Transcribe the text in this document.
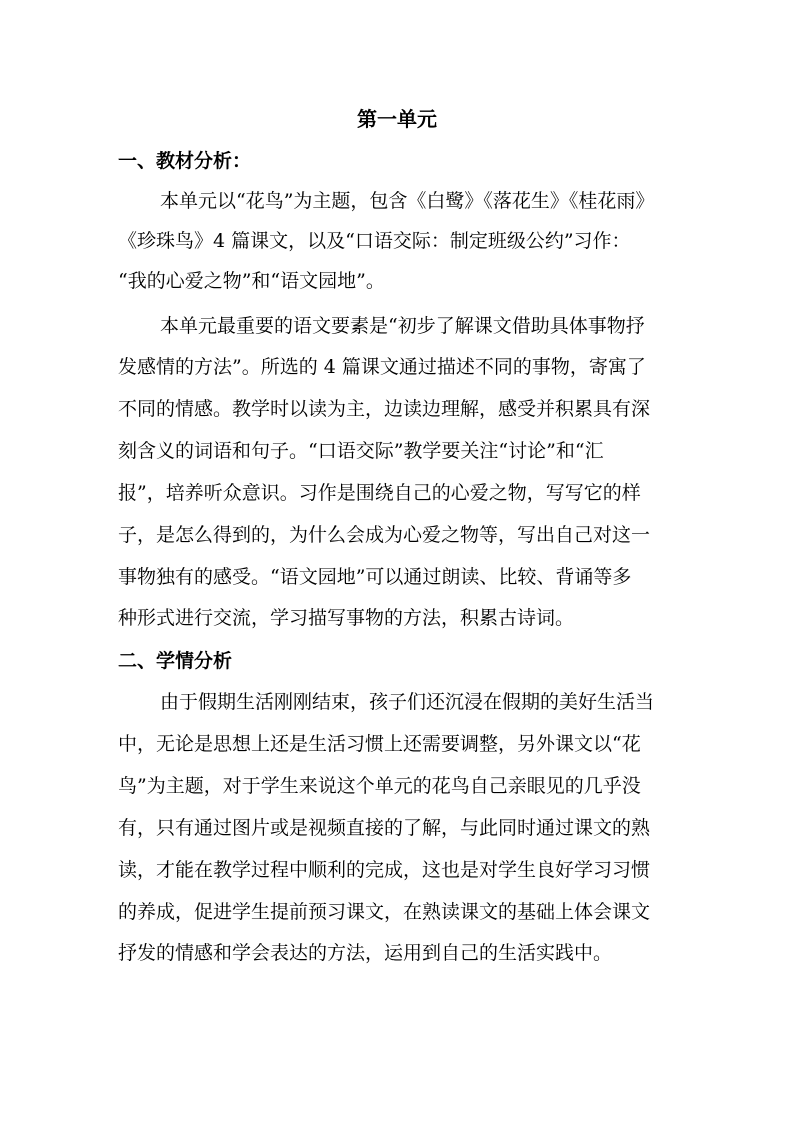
第一单元
一、教材分析：
本单元以“花鸟”为主题，包含《白鹭》《落花生》《桂花雨》
《珍珠鸟》4 篇课文，以及“口语交际：制定班级公约”习作：
“我的心爱之物”和“语文园地”。
本单元最重要的语文要素是“初步了解课文借助具体事物抒
发感情的方法”。所选的 4 篇课文通过描述不同的事物，寄寓了
不同的情感。教学时以读为主，边读边理解，感受并积累具有深
刻含义的词语和句子。“口语交际”教学要关注“讨论”和“汇
报”，培养听众意识。习作是围绕自己的心爱之物，写写它的样
子，是怎么得到的，为什么会成为心爱之物等，写出自己对这一
事物独有的感受。“语文园地”可以通过朗读、比较、背诵等多
种形式进行交流，学习描写事物的方法，积累古诗词。
二、学情分析
由于假期生活刚刚结束，孩子们还沉浸在假期的美好生活当
中，无论是思想上还是生活习惯上还需要调整，另外课文以“花
鸟”为主题，对于学生来说这个单元的花鸟自己亲眼见的几乎没
有，只有通过图片或是视频直接的了解，与此同时通过课文的熟
读，才能在教学过程中顺利的完成，这也是对学生良好学习习惯
的养成，促进学生提前预习课文，在熟读课文的基础上体会课文
抒发的情感和学会表达的方法，运用到自己的生活实践中。
